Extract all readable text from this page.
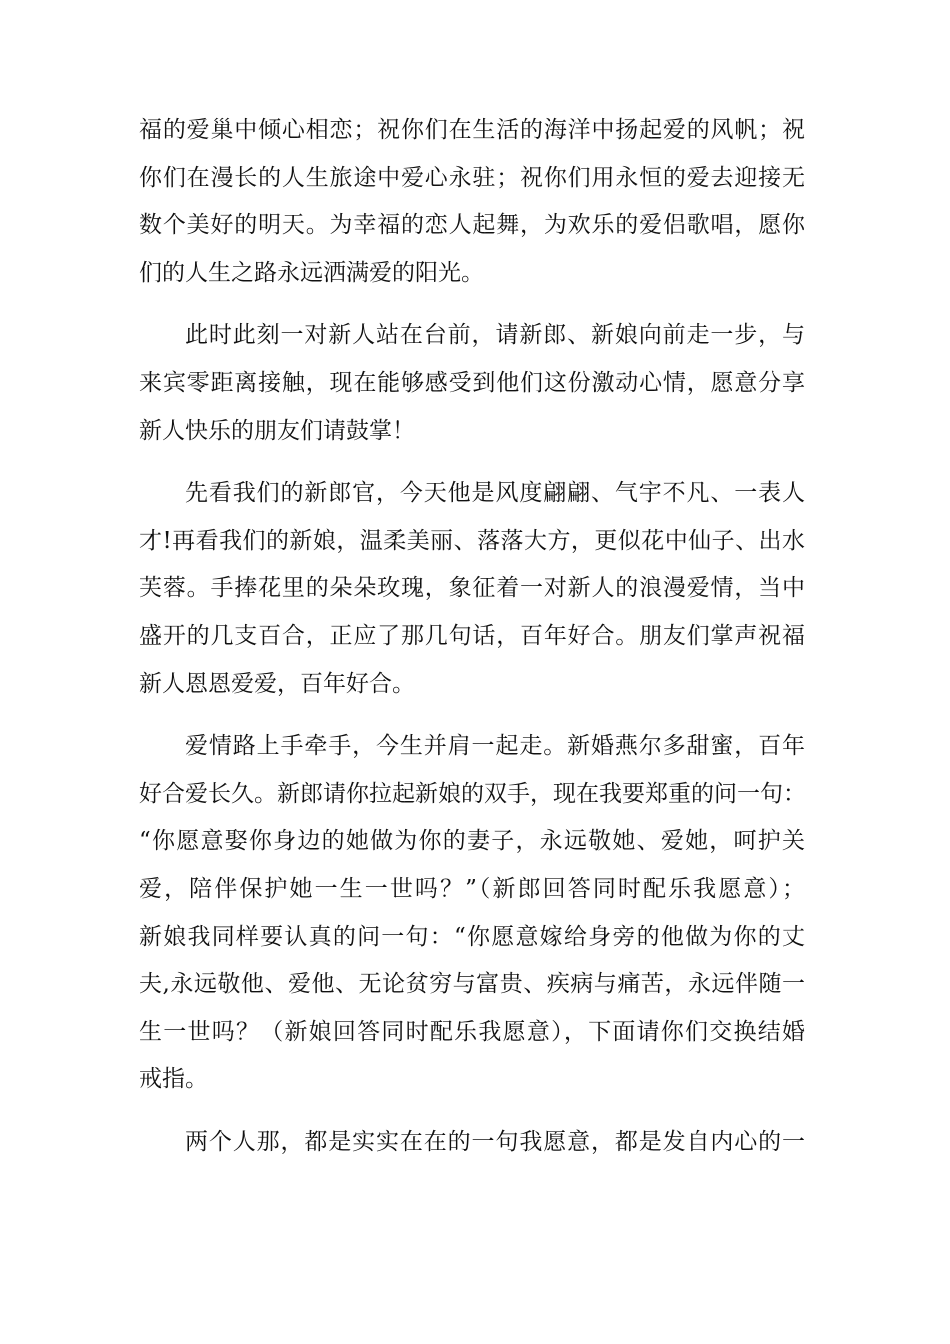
福的爱巢中倾心相恋；祝你们在生活的海洋中扬起爱的风帆；祝
你们在漫长的人生旅途中爱心永驻；祝你们用永恒的爱去迎接无
数个美好的明天。为幸福的恋人起舞，为欢乐的爱侣歌唱，愿你
们的人生之路永远洒满爱的阳光。
此时此刻一对新人站在台前，请新郎、新娘向前走一步，与
来宾零距离接触，现在能够感受到他们这份激动心情，愿意分享
新人快乐的朋友们请鼓掌！
先看我们的新郎官，今天他是风度翩翩、气宇不凡、一表人
才!再看我们的新娘，温柔美丽、落落大方，更似花中仙子、出水
芙蓉。手捧花里的朵朵玫瑰，象征着一对新人的浪漫爱情，当中
盛开的几支百合，正应了那几句话，百年好合。朋友们掌声祝福
新人恩恩爱爱，百年好合。
爱情路上手牵手，今生并肩一起走。新婚燕尔多甜蜜，百年
好合爱长久。新郎请你拉起新娘的双手，现在我要郑重的问一句：
“你愿意娶你身边的她做为你的妻子，永远敬她、爱她，呵护关
爱，陪伴保护她一生一世吗？”（新郎回答同时配乐我愿意）；
新娘我同样要认真的问一句：“你愿意嫁给身旁的他做为你的丈
夫,永远敬他、爱他、无论贫穷与富贵、疾病与痛苦，永远伴随一
生一世吗？（新娘回答同时配乐我愿意），下面请你们交换结婚
戒指。
两个人那，都是实实在在的一句我愿意，都是发自内心的一
